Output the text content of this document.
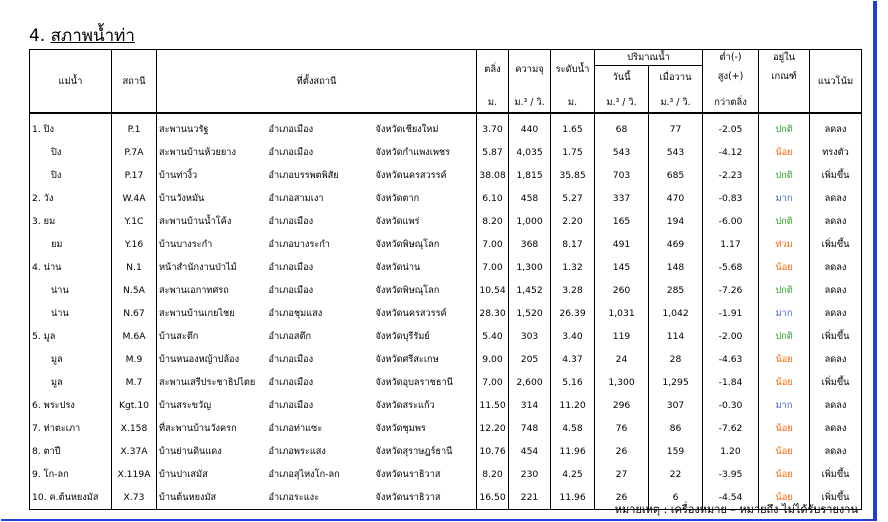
4. สภาพน้ำท่า
แม่น้ำ	สถานี	ที่ตั้งสถานี			ตลิ่ง	ความจุ	ระดับน้ำ	ปริมาณน้ำ		ต่ำ(-)	อยู่ใน	แนวโน้ม
								วันนี้	เมื่อวาน	สูง(+)	เกณฑ์	
					ม.	ม.³ / วิ.	ม.	ม.³ / วิ.	ม.³ / วิ.	กว่าตลิ่ง		
1. ปิง	P.1	สะพานนวรัฐ	อำเภอเมือง	จังหวัดเชียงใหม่	3.70	440	1.65	68	77	-2.05	ปกติ	ลดลง
ปิง	P.7A	สะพานบ้านห้วยยาง	อำเภอเมือง	จังหวัดกำแพงเพชร	5.87	4,035	1.75	543	543	-4.12	น้อย	ทรงตัว
ปิง	P.17	บ้านท่างิ้ว	อำเภอบรรพตพิสัย	จังหวัดนครสวรรค์	38.08	1,815	35.85	703	685	-2.23	ปกติ	เพิ่มขึ้น
2. วัง	W.4A	บ้านวังหมัน	อำเภอสามเงา	จังหวัดตาก	6.10	458	5.27	337	470	-0.83	มาก	ลดลง
3. ยม	Y.1C	สะพานบ้านน้ำโค้ง	อำเภอเมือง	จังหวัดแพร่	8.20	1,000	2.20	165	194	-6.00	ปกติ	ลดลง
ยม	Y.16	บ้านบางระกำ	อำเภอบางระกำ	จังหวัดพิษณุโลก	7.00	368	8.17	491	469	1.17	ท่วม	เพิ่มขึ้น
4. น่าน	N.1	หน้าสำนักงานป่าไม้	อำเภอเมือง	จังหวัดน่าน	7.00	1,300	1.32	145	148	-5.68	น้อย	ลดลง
น่าน	N.5A	สะพานเอกาทศรถ	อำเภอเมือง	จังหวัดพิษณุโลก	10.54	1,452	3.28	260	285	-7.26	ปกติ	ลดลง
น่าน	N.67	สะพานบ้านเกยไชย	อำเภอชุมแสง	จังหวัดนครสวรรค์	28.30	1,520	26.39	1,031	1,042	-1.91	มาก	ลดลง
5. มูล	M.6A	บ้านสะตึก	อำเภอสตึก	จังหวัดบุรีรัมย์	5.40	303	3.40	119	114	-2.00	ปกติ	เพิ่มขึ้น
มูล	M.9	บ้านหนองหญ้าปล้อง	อำเภอเมือง	จังหวัดศรีสะเกษ	9.00	205	4.37	24	28	-4.63	น้อย	ลดลง
มูล	M.7	สะพานเสรีประชาธิปไตย	อำเภอเมือง	จังหวัดอุบลราชธานี	7.00	2,600	5.16	1,300	1,295	-1.84	น้อย	เพิ่มขึ้น
6. พระปรง	Kgt.10	บ้านสระขวัญ	อำเภอเมือง	จังหวัดสระแก้ว	11.50	314	11.20	296	307	-0.30	มาก	ลดลง
7. ท่าตะเภา	X.158	ที่สะพานบ้านวังครก	อำเภอท่าแซะ	จังหวัดชุมพร	12.20	748	4.58	76	86	-7.62	น้อย	ลดลง
8. ตาปี	X.37A	บ้านย่านดินแดง	อำเภอพระแสง	จังหวัดสุราษฎร์ธานี	10.76	454	11.96	26	159	1.20	น้อย	ลดลง
9. โก-ลก	X.119A	บ้านปาเสมัส	อำเภอสุไหงโก-ลก	จังหวัดนราธิวาส	8.20	230	4.25	27	22	-3.95	น้อย	เพิ่มขึ้น
10. ค.ต้นหยงมัส	X.73	บ้านต้นหยงมัส	อำเภอระแงะ	จังหวัดนราธิวาส	16.50	221	11.96	26	6	-4.54	น้อย	เพิ่มขึ้น
หมายเหตุ : เครื่องหมาย – หมายถึง ไม่ได้รับรายงาน
